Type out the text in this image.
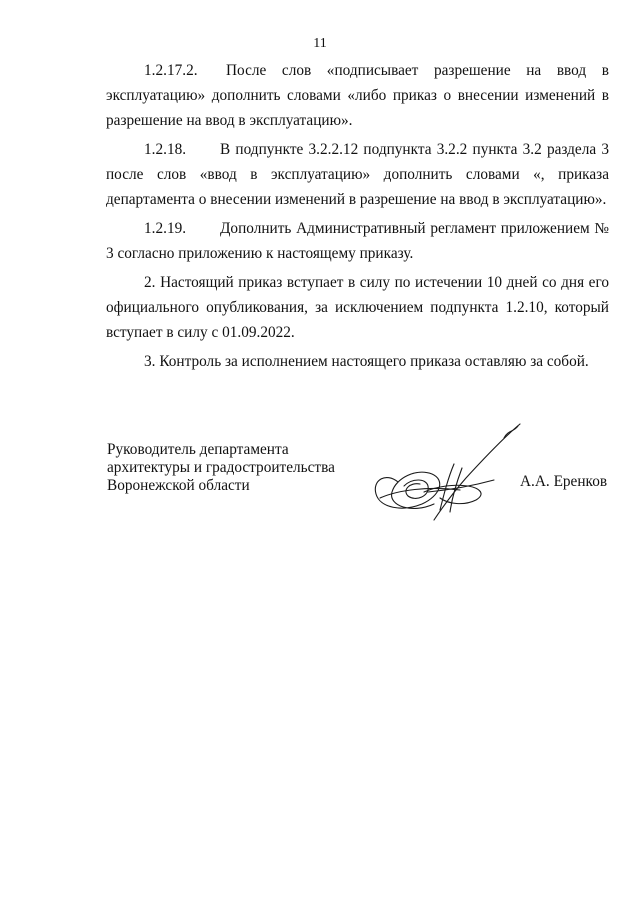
11

1.2.17.2. После слов «подписывает разрешение на ввод в эксплуатацию» дополнить словами «либо приказ о внесении изменений в разрешение на ввод в эксплуатацию».

1.2.18. В подпункте 3.2.2.12 подпункта 3.2.2 пункта 3.2 раздела 3 после слов «ввод в эксплуатацию» дополнить словами «, приказа департамента о внесении изменений в разрешение на ввод в эксплуатацию».

1.2.19. Дополнить Административный регламент приложением № 3 согласно приложению к настоящему приказу.

2. Настоящий приказ вступает в силу по истечении 10 дней со дня его официального опубликования, за исключением подпункта 1.2.10, который вступает в силу с 01.09.2022.

3. Контроль за исполнением настоящего приказа оставляю за собой.

Руководитель департамента
архитектуры и градостроительства
Воронежской области	А.А. Еренков
